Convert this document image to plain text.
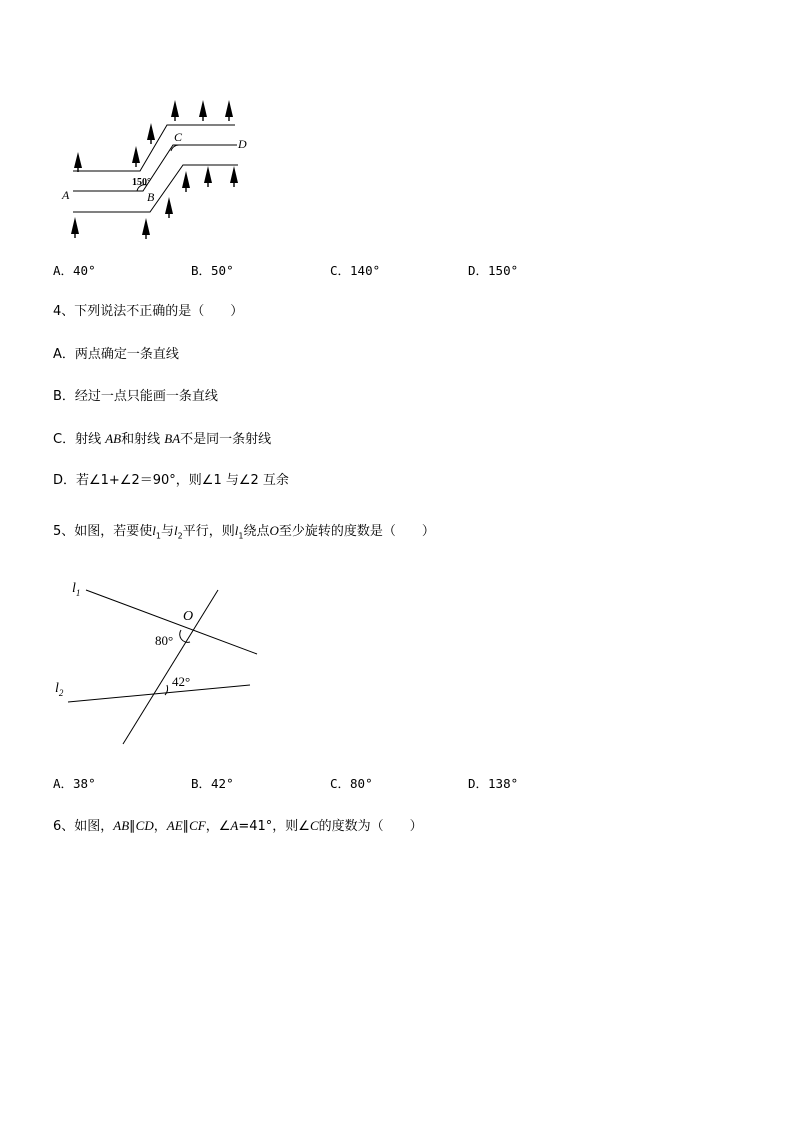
A	B
C	D
150°
A．40°	B．50°	C．140°	D．150°
4、下列说法不正确的是（　　）
A．两点确定一条直线
B．经过一点只能画一条直线
C．射线 AB和射线 BA不是同一条射线
D．若∠1+∠2＝90°，则∠1 与∠2 互余
5、如图，若要使$l_1$与$l_2$平行，则$l_1$绕点O至少旋转的度数是（　　）
$l_1$
$l_2$
O
80°
42°
A．38°	B．42°	C．80°	D．138°
6、如图，AB∥CD，AE∥CF，∠A=41°，则∠C的度数为（　　）
